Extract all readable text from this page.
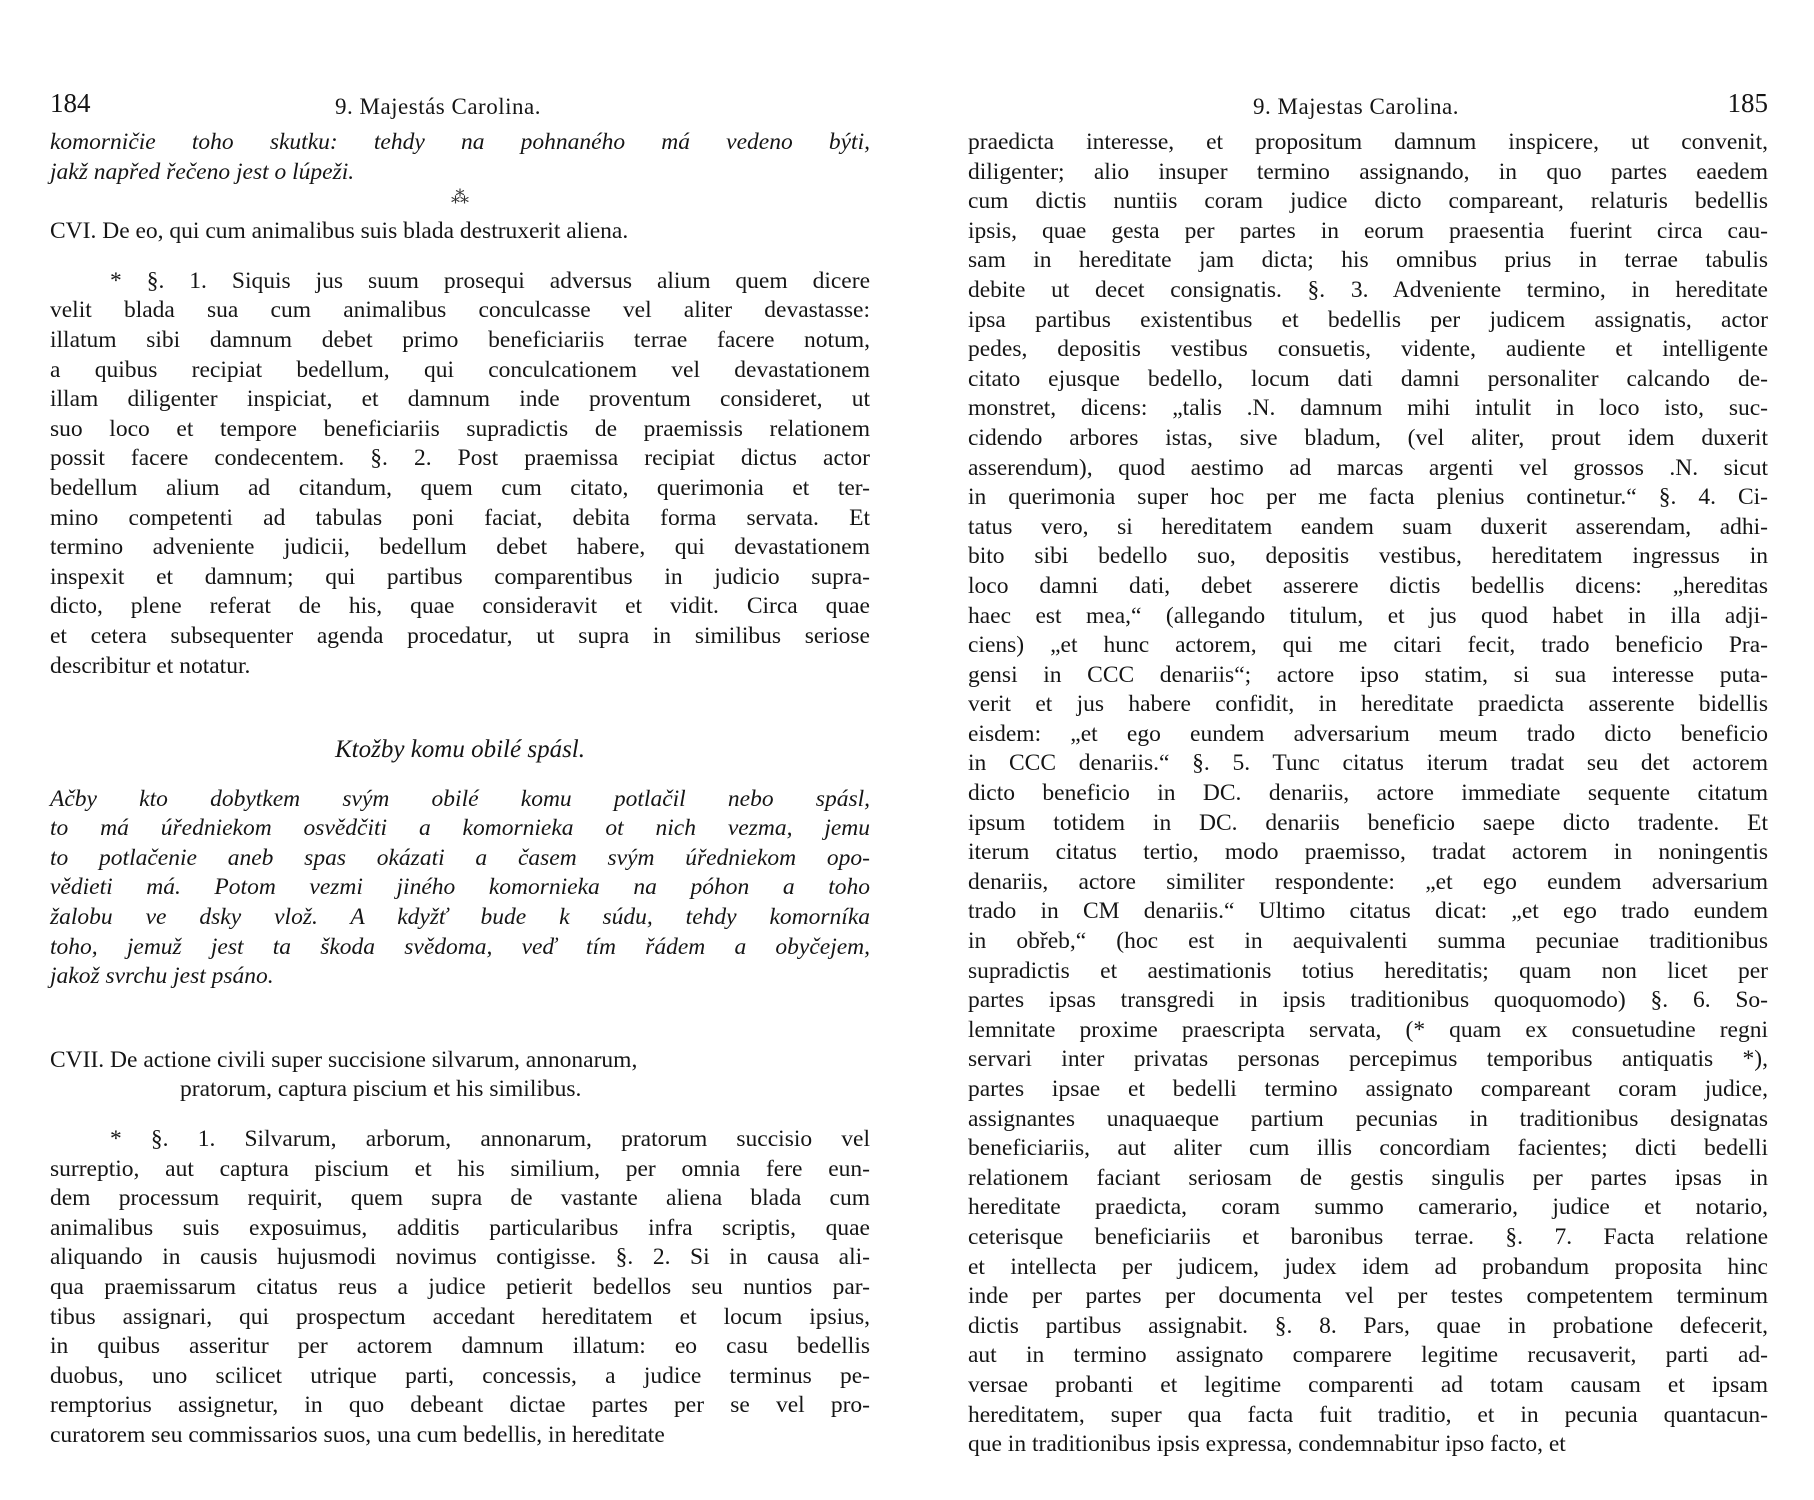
184	9. Majestás Carolina.
komorničie toho skutku: tehdy na pohnaného má vedeno býti,
jakž napřed řečeno jest o lúpeži.
⁂
CVI. De eo, qui cum animalibus suis blada destruxerit aliena.
* §. 1. Siquis jus suum prosequi adversus alium quem dicere
velit blada sua cum animalibus conculcasse vel aliter devastasse:
illatum sibi damnum debet primo beneficiariis terrae facere notum,
a quibus recipiat bedellum, qui conculcationem vel devastationem
illam diligenter inspiciat, et damnum inde proventum consideret, ut
suo loco et tempore beneficiariis supradictis de praemissis relationem
possit facere condecentem. §. 2. Post praemissa recipiat dictus actor
bedellum alium ad citandum, quem cum citato, querimonia et ter-
mino competenti ad tabulas poni faciat, debita forma servata. Et
termino adveniente judicii, bedellum debet habere, qui devastationem
inspexit et damnum; qui partibus comparentibus in judicio supra-
dicto, plene referat de his, quae consideravit et vidit. Circa quae
et cetera subsequenter agenda procedatur, ut supra in similibus seriose
describitur et notatur.
Ktožby komu obilé spásl.
Ačby kto dobytkem svým obilé komu potlačil nebo spásl,
to má úředniekom osvědčiti a komornieka ot nich vezma, jemu
to potlačenie aneb spas okázati a časem svým úředniekom opo-
vědieti má. Potom vezmi jiného komornieka na póhon a toho
žalobu ve dsky vlož. A kdyžť bude k súdu, tehdy komorníka
toho, jemuž jest ta škoda svědoma, veď tím řádem a obyčejem,
jakož svrchu jest psáno.
CVII. De actione civili super succisione silvarum, annonarum,
pratorum, captura piscium et his similibus.
* §. 1. Silvarum, arborum, annonarum, pratorum succisio vel
surreptio, aut captura piscium et his similium, per omnia fere eun-
dem processum requirit, quem supra de vastante aliena blada cum
animalibus suis exposuimus, additis particularibus infra scriptis, quae
aliquando in causis hujusmodi novimus contigisse. §. 2. Si in causa ali-
qua praemissarum citatus reus a judice petierit bedellos seu nuntios par-
tibus assignari, qui prospectum accedant hereditatem et locum ipsius,
in quibus asseritur per actorem damnum illatum: eo casu bedellis
duobus, uno scilicet utrique parti, concessis, a judice terminus pe-
remptorius assignetur, in quo debeant dictae partes per se vel pro-
curatorem seu commissarios suos, una cum bedellis, in hereditate
9. Majestas Carolina.	185
praedicta interesse, et propositum damnum inspicere, ut convenit,
diligenter; alio insuper termino assignando, in quo partes eaedem
cum dictis nuntiis coram judice dicto compareant, relaturis bedellis
ipsis, quae gesta per partes in eorum praesentia fuerint circa cau-
sam in hereditate jam dicta; his omnibus prius in terrae tabulis
debite ut decet consignatis. §. 3. Adveniente termino, in hereditate
ipsa partibus existentibus et bedellis per judicem assignatis, actor
pedes, depositis vestibus consuetis, vidente, audiente et intelligente
citato ejusque bedello, locum dati damni personaliter calcando de-
monstret, dicens: „talis .N. damnum mihi intulit in loco isto, suc-
cidendo arbores istas, sive bladum, (vel aliter, prout idem duxerit
asserendum), quod aestimo ad marcas argenti vel grossos .N. sicut
in querimonia super hoc per me facta plenius continetur.“ §. 4. Ci-
tatus vero, si hereditatem eandem suam duxerit asserendam, adhi-
bito sibi bedello suo, depositis vestibus, hereditatem ingressus in
loco damni dati, debet asserere dictis bedellis dicens: „hereditas
haec est mea,“ (allegando titulum, et jus quod habet in illa adji-
ciens) „et hunc actorem, qui me citari fecit, trado beneficio Pra-
gensi in CCC denariis“; actore ipso statim, si sua interesse puta-
verit et jus habere confidit, in hereditate praedicta asserente bidellis
eisdem: „et ego eundem adversarium meum trado dicto beneficio
in CCC denariis.“ §. 5. Tunc citatus iterum tradat seu det actorem
dicto beneficio in DC. denariis, actore immediate sequente citatum
ipsum totidem in DC. denariis beneficio saepe dicto tradente. Et
iterum citatus tertio, modo praemisso, tradat actorem in noningentis
denariis, actore similiter respondente: „et ego eundem adversarium
trado in CM denariis.“ Ultimo citatus dicat: „et ego trado eundem
in obřeb,“ (hoc est in aequivalenti summa pecuniae traditionibus
supradictis et aestimationis totius hereditatis; quam non licet per
partes ipsas transgredi in ipsis traditionibus quoquomodo) §. 6. So-
lemnitate proxime praescripta servata, (* quam ex consuetudine regni
servari inter privatas personas percepimus temporibus antiquatis *),
partes ipsae et bedelli termino assignato compareant coram judice,
assignantes unaquaeque partium pecunias in traditionibus designatas
beneficiariis, aut aliter cum illis concordiam facientes; dicti bedelli
relationem faciant seriosam de gestis singulis per partes ipsas in
hereditate praedicta, coram summo camerario, judice et notario,
ceterisque beneficiariis et baronibus terrae. §. 7. Facta relatione
et intellecta per judicem, judex idem ad probandum proposita hinc
inde per partes per documenta vel per testes competentem terminum
dictis partibus assignabit. §. 8. Pars, quae in probatione defecerit,
aut in termino assignato comparere legitime recusaverit, parti ad-
versae probanti et legitime comparenti ad totam causam et ipsam
hereditatem, super qua facta fuit traditio, et in pecunia quantacun-
que in traditionibus ipsis expressa, condemnabitur ipso facto, et
